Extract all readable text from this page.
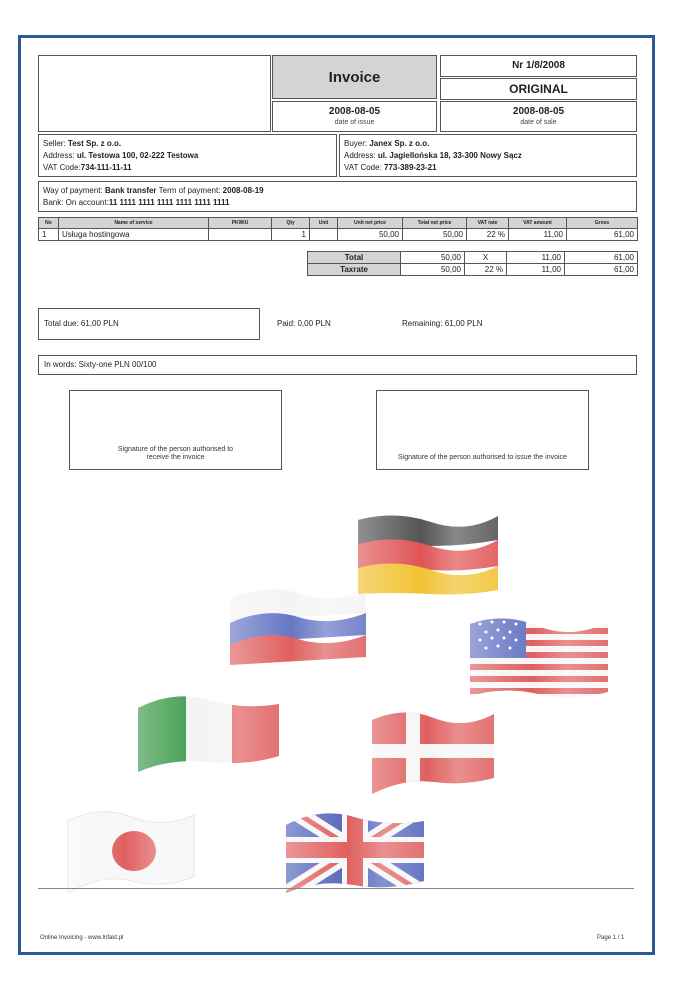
Invoice
Nr 1/8/2008
ORIGINAL
2008-08-05
date of issue
2008-08-05
date of sale
Seller: Test Sp. z o.o.
Address: ul. Testowa 100, 02-222 Testowa
VAT Code:734-111-11-11
Buyer: Janex Sp. z o.o.
Address: ul. Jagiellońska 18, 33-300 Nowy Sącz
VAT Code: 773-389-23-21
Way of payment: Bank transfer Term of payment: 2008-08-19
Bank: On account:11 1111 1111 1111 1111 1111 1111
No	Name of service	PKWiU	Qty	Unit	Unit net price	Total net price	VAT rate	VAT amount	Gross
1	Usługa hostingowa		1		50,00	50,00	22 %	11,00	61,00
Total	50,00	X	11,00	61,00
Taxrate	50,00	22 %	11,00	61,00
Total due: 61,00 PLN	Paid: 0,00 PLN	Remaining: 61,00 PLN
In words: Sixty-one PLN 00/100
Signature of the person authorised to receive the invoice	Signature of the person authorised to issue the invoice
Online Invoicing - www.Infakt.pl	Page 1 / 1
